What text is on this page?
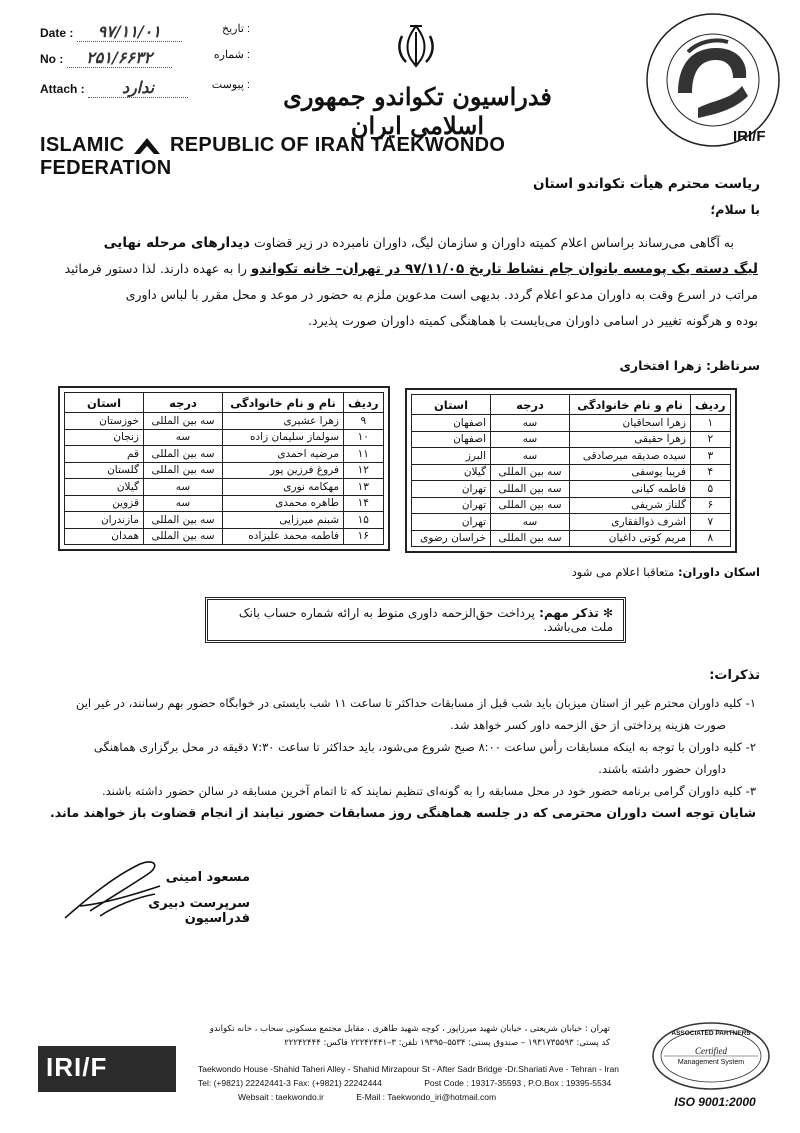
Date : ۹۷/۱۱/۰۱	: تاریخ
No : ۲۵۱/۶۶۳۲	: شماره
Attach : ندارد	: پیوست	فدراسیون تکواندو جمهوری اسلامی ایران
ISLAMIC REPUBLIC OF IRAN TAEKWONDO FEDERATION
IRI/F
ریاست محترم هیأت تکواندو استان
با سلام؛
به آگاهی می‌رساند براساس اعلام کمیته داوران و سازمان لیگ، داوران نامبرده در زیر قضاوت دیدارهای مرحله نهایی
لیگ دسته یک پومسه بانوان جام نشاط تاریخ ۹۷/۱۱/۰۵ در تهران– خانه تکواندو را به عهده دارند. لذا دستور فرمائید
مراتب در اسرع وقت به داوران مدعو اعلام گردد. بدیهی است مدعوین ملزم به حضور در موعد و محل مقرر با لباس داوری
بوده و هرگونه تغییر در اسامی داوران می‌بایست با هماهنگی کمیته داوران صورت پذیرد.
سرناظر: زهرا افتخاری
ردیف	نام و نام خانوادگی	درجه	استان
۱	زهرا اسحاقیان	سه	اصفهان
۲	زهرا حقیقی	سه	اصفهان
۳	سیده صدیقه میرصادقی	سه	البرز
۴	فریبا یوسفی	سه بین المللی	گیلان
۵	فاطمه کیانی	سه بین المللی	تهران
۶	گلناز شریفی	سه بین المللی	تهران
۷	اشرف ذوالفقاری	سه	تهران
۸	مریم کوتی داغیان	سه بین المللی	خراسان رضوی
ردیف	نام و نام خانوادگی	درجه	استان
۹	زهرا عشیری	سه بین المللی	خوزستان
۱۰	سولماز سلیمان زاده	سه	زنجان
۱۱	مرضیه احمدی	سه بین المللی	قم
۱۲	فروغ فرزین پور	سه بین المللی	گلستان
۱۳	مهکامه نوری	سه	گیلان
۱۴	طاهره محمدی	سه	قزوین
۱۵	شبنم میرزایی	سه بین المللی	مازندران
۱۶	فاطمه محمد علیزاده	سه بین المللی	همدان
اسکان داوران: متعاقبا اعلام می شود
✻ تذکر مهم: پرداخت حق‌الزحمه داوری منوط به ارائه شماره حساب بانک ملت می‌باشد.
تذکرات:
۱- کلیه داوران محترم غیر از استان میزبان باید شب قبل از مسابقات حداکثر تا ساعت ۱۱ شب بایستی در خوابگاه حضور بهم رسانند، در غیر این
صورت هزینه پرداختی از حق الزحمه داور کسر خواهد شد.
۲- کلیه داوران با توجه به اینکه مسابقات رأس ساعت ۸:۰۰ صبح شروع می‌شود، باید حداکثر تا ساعت ۷:۳۰ دقیقه در محل برگزاری هماهنگی
داوران حضور داشته باشند.
۳- کلیه داوران گرامی برنامه حضور خود در محل مسابقه را به گونه‌ای تنظیم نمایند که تا اتمام آخرین مسابقه در سالن حضور داشته باشند.
شایان توجه است داوران محترمی که در جلسه هماهنگی روز مسابقات حضور نیابند از انجام قضاوت باز خواهند ماند.
مسعود امینی
سرپرست دبیری فدراسیون
تهران : خیابان شریعتی ، خیابان شهید میرزاپور ، کوچه شهید طاهری ، مقابل مجتمع مسکونی سحاب ، خانه تکواندو
کد پستی: ۱۹۳۱۷۳۵۵۹۳ – صندوق پستی: ۵۵۳۴–۱۹۳۹۵ تلفن: ۳–۲۲۲۴۲۴۴۱ فاکس: ۲۲۲۴۲۴۴۴
IRI/F	Taekwondo House -Shahid Taheri Alley - Shahid Mirzapour St - After Sadr Bridge -Dr.Shariati Ave - Tehran - Iran
Tel: (+9821) 22242441-3 Fax: (+9821) 22242444	Post Code : 19317-35593 , P.O.Box : 19395-5534
Websait : taekwondo.ir	E-Mail : Taekwondo_iri@hotmail.com
ASSOCIATED PARTNERS
Certified
Management System
ISO 9001:2000
